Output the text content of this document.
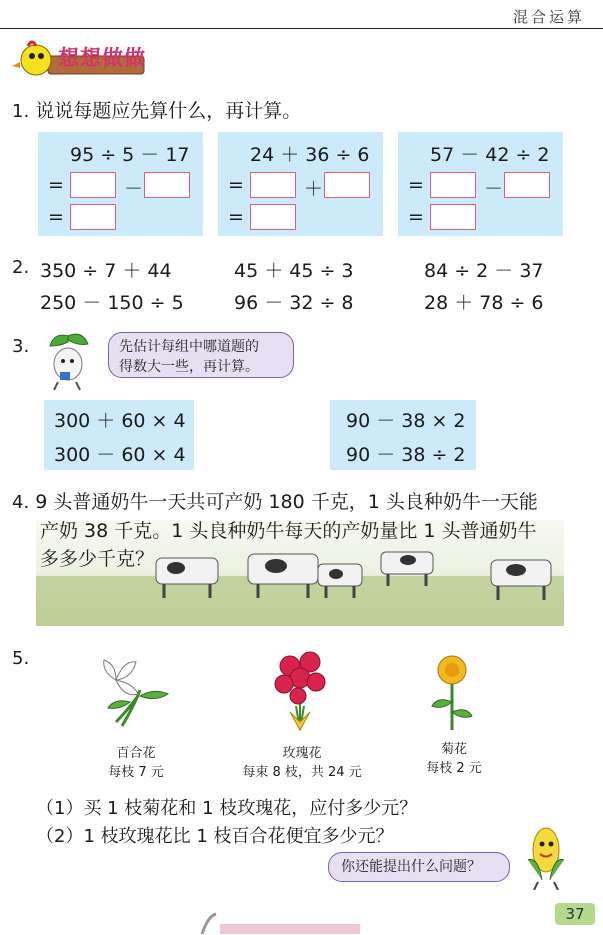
混合运算
想想做做
1. 说说每题应先算什么，再计算。
95 ÷ 5 － 17
=	－
=
24 ＋ 36 ÷ 6
=	＋
=
57 － 42 ÷ 2
=	－
=
2. 350 ÷ 7 ＋ 44	45 ＋ 45 ÷ 3	84 ÷ 2 － 37
250 － 150 ÷ 5	96 － 32 ÷ 8	28 ＋ 78 ÷ 6
3.	先估计每组中哪道题的
得数大一些，再计算。
300 ＋ 60 × 4
300 － 60 × 4
90 － 38 × 2
90 － 38 ÷ 2
4. 9 头普通奶牛一天共可产奶 180 千克，1 头良种奶牛一天能
产奶 38 千克。1 头良种奶牛每天的产奶量比 1 头普通奶牛
多多少千克？
5.
百合花
每枝 7 元
玫瑰花
每束 8 枝，共 24 元
菊花
每枝 2 元
（1）买 1 枝菊花和 1 枝玫瑰花，应付多少元？
（2）1 枝玫瑰花比 1 枝百合花便宜多少元？
你还能提出什么问题？
37
